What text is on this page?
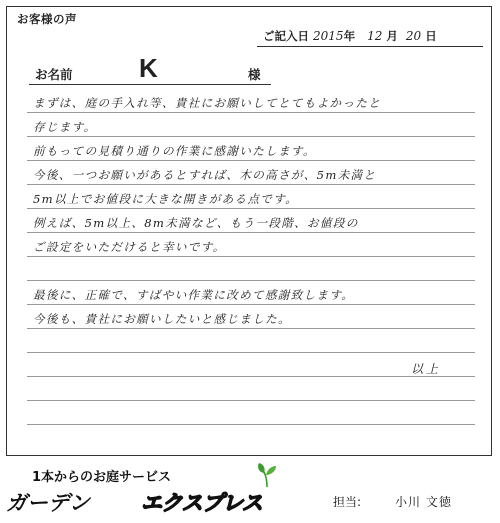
お客様の声
ご記入日 2015年 12 月 20 日
お名前	K	様
まずは、庭の手入れ等、貴社にお願いしてとてもよかったと
存じます。
前もっての見積り通りの作業に感謝いたします。
今後、一つお願いがあるとすれば、木の高さが、5m未満と
5m以上でお値段に大きな開きがある点です。
例えば、5m以上、8m未満など、もう一段階、お値段の
ご設定をいただけると幸いです。
最後に、正確で、すばやい作業に改めて感謝致します。
今後も、貴社にお願いしたいと感じました。
以上
1本からのお庭サービス
ガーデン エクスプレス	担当:	小川 文徳
